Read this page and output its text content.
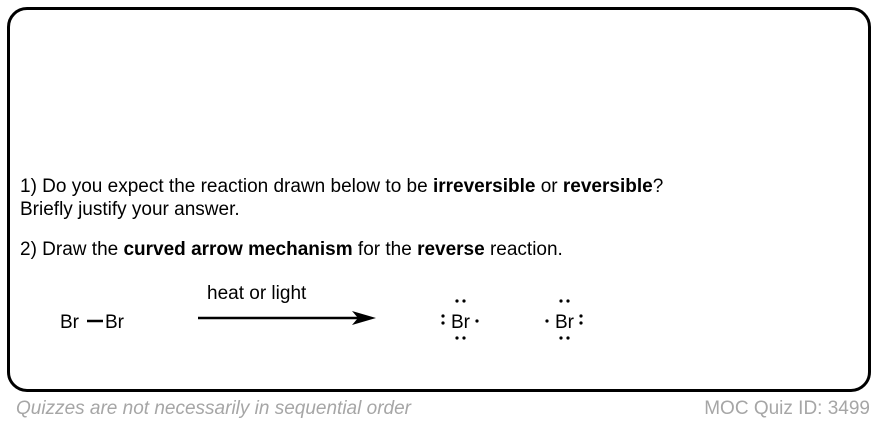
1) Do you expect the reaction drawn below to be irreversible or reversible?
Briefly justify your answer.

2) Draw the curved arrow mechanism for the reverse reaction.

Br Br
heat or light
Br	Br
Quizzes are not necessarily in sequential order	MOC Quiz ID: 3499
